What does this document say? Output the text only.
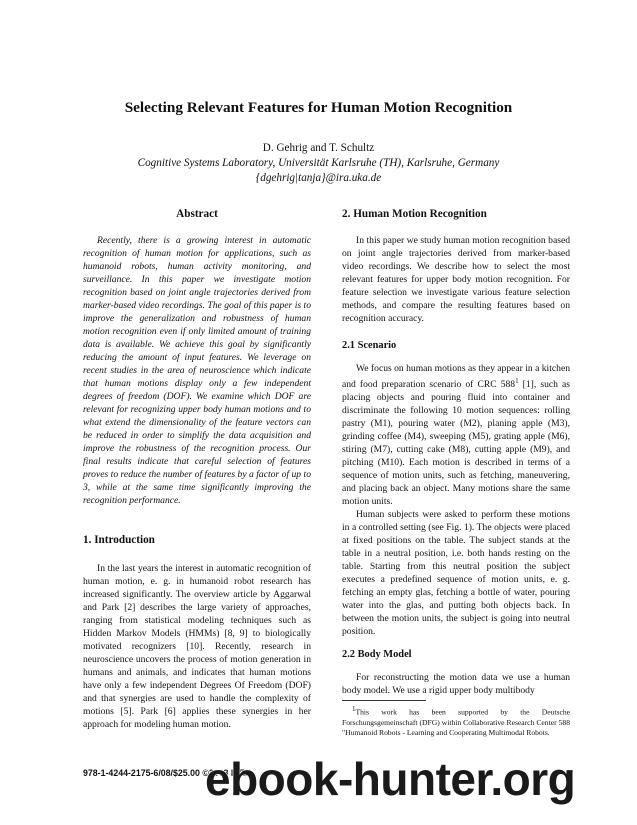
Selecting Relevant Features for Human Motion Recognition
D. Gehrig and T. Schultz
Cognitive Systems Laboratory, Universität Karlsruhe (TH), Karlsruhe, Germany
{dgehrig|tanja}@ira.uka.de
Abstract

Recently, there is a growing interest in automatic recognition of human motion for applications, such as humanoid robots, human activity monitoring, and surveillance. In this paper we investigate motion recognition based on joint angle trajectories derived from marker-based video recordings. The goal of this paper is to improve the generalization and robustness of human motion recognition even if only limited amount of training data is available. We achieve this goal by significantly reducing the amount of input features. We leverage on recent studies in the area of neuroscience which indicate that human motions display only a few independent degrees of freedom (DOF). We examine which DOF are relevant for recognizing upper body human motions and to what extend the dimensionality of the feature vectors can be reduced in order to simplify the data acquisition and improve the robustness of the recognition process. Our final results indicate that careful selection of features proves to reduce the number of features by a factor of up to 3, while at the same time significantly improving the recognition performance.

1. Introduction

In the last years the interest in automatic recognition of human motion, e. g. in humanoid robot research has increased significantly. The overview article by Aggarwal and Park [2] describes the large variety of approaches, ranging from statistical modeling techniques such as Hidden Markov Models (HMMs) [8, 9] to biologically motivated recognizers [10]. Recently, research in neuroscience uncovers the process of motion generation in humans and animals, and indicates that human motions have only a few independent Degrees Of Freedom (DOF) and that synergies are used to handle the complexity of motions [5]. Park [6] applies these synergies in her approach for modeling human motion.

2. Human Motion Recognition

In this paper we study human motion recognition based on joint angle trajectories derived from marker-based video recordings. We describe how to select the most relevant features for upper body motion recognition. For feature selection we investigate various feature selection methods, and compare the resulting features based on recognition accuracy.

2.1 Scenario

We focus on human motions as they appear in a kitchen and food preparation scenario of CRC $588^1$ [1], such as placing objects and pouring fluid into container and discriminate the following 10 motion sequences: rolling pastry (M1), pouring water (M2), planing apple (M3), grinding coffee (M4), sweeping (M5), grating apple (M6), stiring (M7), cutting cake (M8), cutting apple (M9), and pitching (M10). Each motion is described in terms of a sequence of motion units, such as fetching, maneuvering, and placing back an object. Many motions share the same motion units.

Human subjects were asked to perform these motions in a controlled setting (see Fig. 1). The objects were placed at fixed positions on the table. The subject stands at the table in a neutral position, i.e. both hands resting on the table. Starting from this neutral position the subject executes a predefined sequence of motion units, e. g. fetching an empty glas, fetching a bottle of water, pouring water into the glas, and putting both objects back. In between the motion units, the subject is going into neutral position.

2.2 Body Model

For reconstructing the motion data we use a human body model. We use a rigid upper body multibody

$^1$This work has been supported by the Deutsche Forschungsgemeinschaft (DFG) within Collaborative Research Center 588 "Humanoid Robots - Learning and Cooperating Multimodal Robots.

978-1-4244-2175-6/08/$25.00 ©2008 IEEE
ebook-hunter.org
